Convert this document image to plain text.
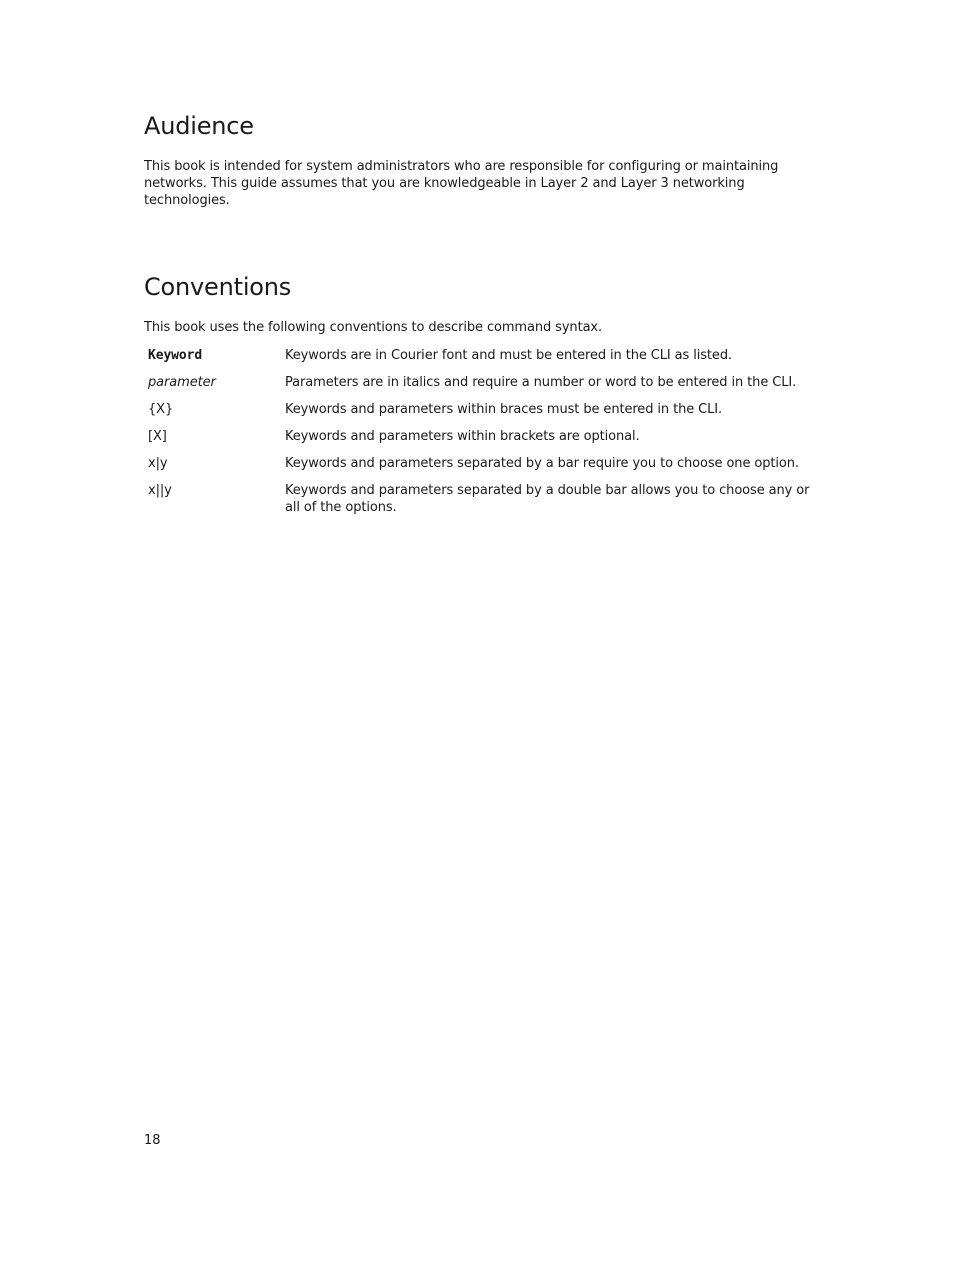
Audience

This book is intended for system administrators who are responsible for configuring or maintaining networks. This guide assumes that you are knowledgeable in Layer 2 and Layer 3 networking technologies.

Conventions

This book uses the following conventions to describe command syntax.

Keyword	Keywords are in Courier font and must be entered in the CLI as listed.
parameter	Parameters are in italics and require a number or word to be entered in the CLI.
{X}	Keywords and parameters within braces must be entered in the CLI.
[X]	Keywords and parameters within brackets are optional.
x|y	Keywords and parameters separated by a bar require you to choose one option.
x||y	Keywords and parameters separated by a double bar allows you to choose any or all of the options.
18
